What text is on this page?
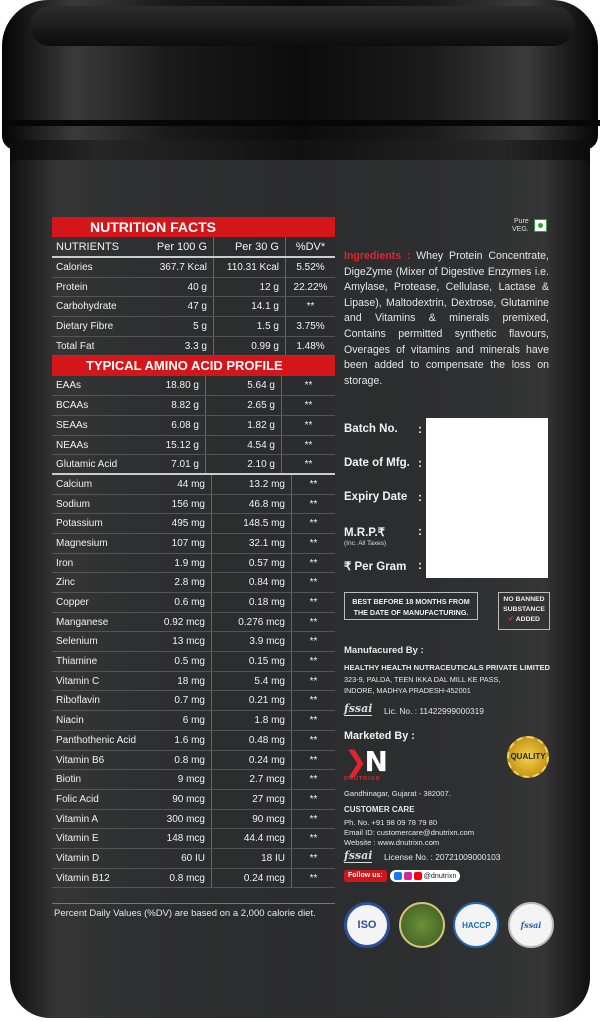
NUTRITION FACTS
NUTRIENTS	Per 100 G	Per 30 G	%DV*
Calories	367.7 Kcal	110.31 Kcal	5.52%
Protein	40 g	12 g	22.22%
Carbohydrate	47 g	14.1 g	**
Dietary Fibre	5 g	1.5 g	3.75%
Total Fat	3.3 g	0.99 g	1.48%
TYPICAL AMINO ACID PROFILE
EAAs	18.80 g	5.64 g	**
BCAAs	8.82 g	2.65 g	**
SEAAs	6.08 g	1.82 g	**
NEAAs	15.12 g	4.54 g	**
Glutamic Acid	7.01 g	2.10 g	**
Calcium	44 mg	13.2 mg	**
Sodium	156 mg	46.8 mg	**
Potassium	495 mg	148.5 mg	**
Magnesium	107 mg	32.1 mg	**
Iron	1.9 mg	0.57 mg	**
Zinc	2.8 mg	0.84 mg	**
Copper	0.6 mg	0.18 mg	**
Manganese	0.92 mcg	0.276 mcg	**
Selenium	13 mcg	3.9 mcg	**
Thiamine	0.5 mg	0.15 mg	**
Vitamin C	18 mg	5.4 mg	**
Riboflavin	0.7 mg	0.21 mg	**
Niacin	6 mg	1.8 mg	**
Panthothenic Acid	1.6 mg	0.48 mg	**
Vitamin B6	0.8 mg	0.24 mg	**
Biotin	9 mcg	2.7 mcg	**
Folic Acid	90 mcg	27 mcg	**
Vitamin A	300 mcg	90 mcg	**
Vitamin E	148 mcg	44.4 mcg	**
Vitamin D	60 IU	18 IU	**
Vitamin B12	0.8 mcg	0.24 mcg	**
Percent Daily Values (%DV) are based on a 2,000 calorie diet.
Pure
VEG.
Ingredients : Whey Protein Concentrate, DigeZyme (Mixer of Digestive Enzymes i.e. Amylase, Protease, Cellulase, Lactase & Lipase), Maltodextrin, Dextrose, Glutamine and Vitamins & minerals premixed, Contains permitted synthetic flavours, Overages of vitamins and minerals have been added to compensate the loss on storage.
Batch No. :
Date of Mfg. :
Expiry Date :
M.R.P.₹
(Inc. All Taxes)
:
₹ Per Gram :
BEST BEFORE 18 MONTHS FROM THE DATE OF MANUFACTURING.
NO BANNED
SUBSTANCE
✔ ADDED
Manufacured By :
HEALTHY HEALTH NUTRACEUTICALS PRIVATE LIMITED
323-9, PALDA, TEEN IKKA DAL MILL KE PASS,
INDORE, MADHYA PRADESH-452001
fssai Lic. No. : 11422999000319
Marketed By :
❯N
DNUTRIXN
QUALITY
Gandhinagar, Gujarat - 382007.
CUSTOMER CARE
Ph. No. +91 98 09 78 79 80
Email ID: customercare@dnutrixn.com
Website : www.dnutrixn.com
fssai License No. : 20721009000103
Follow us:	@dnutrixn
ISO	HACCP	fssai
